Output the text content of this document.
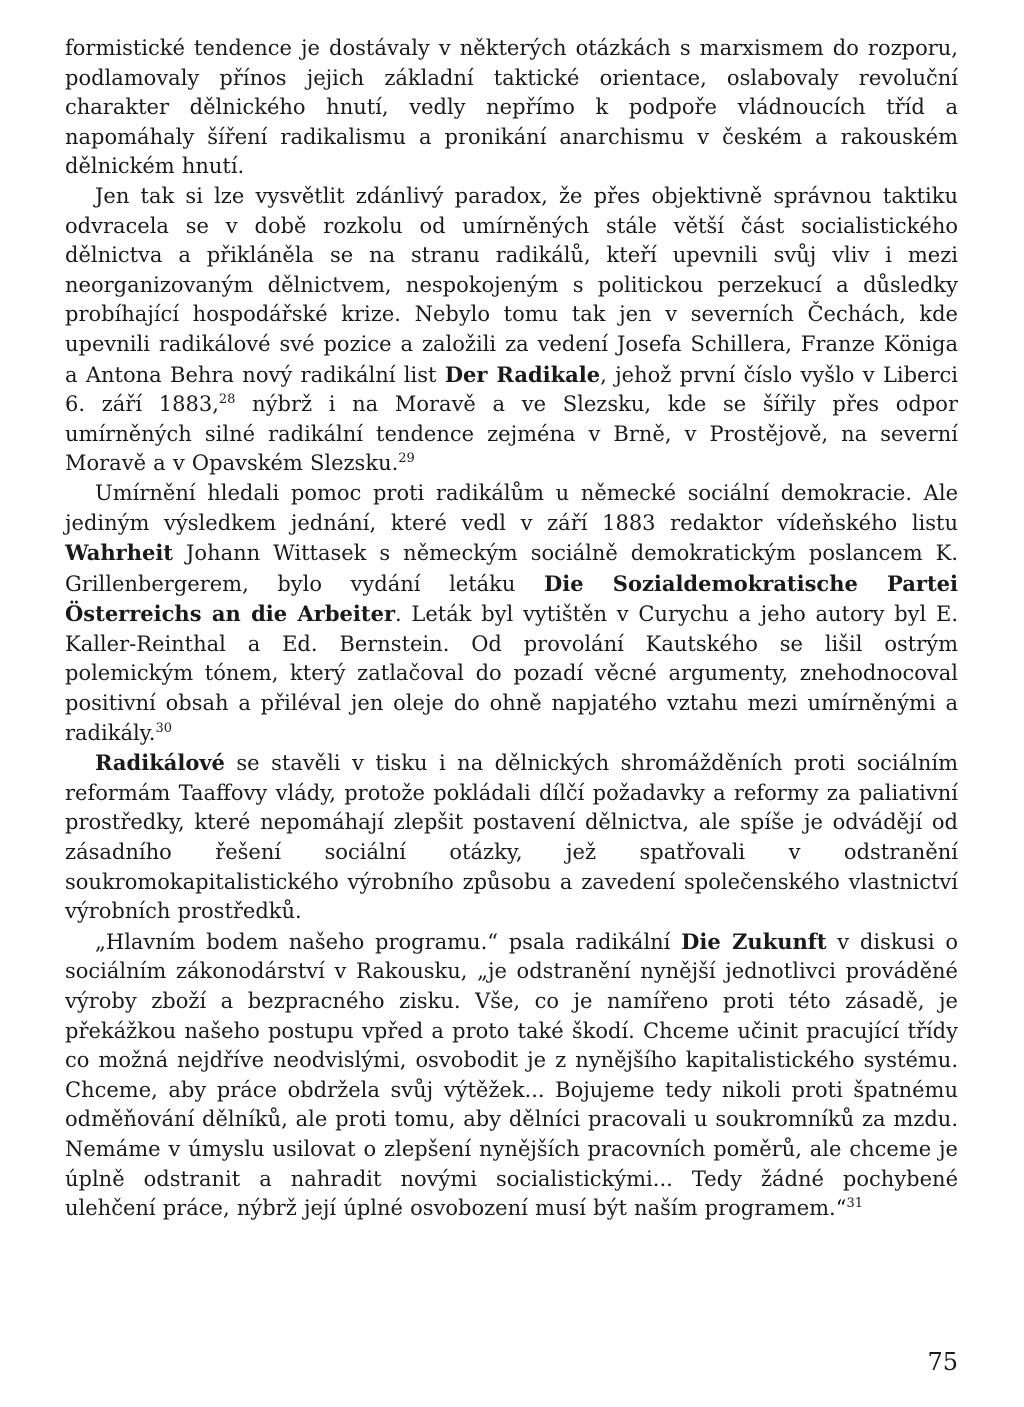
formistické tendence je dostávaly v některých otázkách s marxismem do rozporu, podlamovaly přínos jejich základní taktické orientace, oslabovaly revoluční charakter dělnického hnutí, vedly nepřímo k podpoře vládnoucích tříd a napomáhaly šíření radikalismu a pronikání anarchismu v českém a rakouském dělnickém hnutí.

Jen tak si lze vysvětlit zdánlivý paradox, že přes objektivně správnou taktiku odvracela se v době rozkolu od umírněných stále větší část socialistického dělnictva a přikláněla se na stranu radikálů, kteří upevnili svůj vliv i mezi neorganizovaným dělnictvem, nespokojeným s politickou perzekucí a důsledky probíhající hospodářské krize. Nebylo tomu tak jen v severních Čechách, kde upevnili radikálové své pozice a založili za vedení Josefa Schillera, Franze Königa a Antona Behra nový radikální list Der Radikale, jehož první číslo vyšlo v Liberci 6. září 1883,28 nýbrž i na Moravě a ve Slezsku, kde se šířily přes odpor umírněných silné radikální tendence zejména v Brně, v Prostějově, na severní Moravě a v Opavském Slezsku.$^{29}$

Umírnění hledali pomoc proti radikálům u německé sociální demokracie. Ale jediným výsledkem jednání, které vedl v září 1883 redaktor vídeňského listu Wahrheit Johann Wittasek s německým sociálně demokratickým poslancem K. Grillenbergerem, bylo vydání letáku Die Sozialdemokratische Partei Österreichs an die Arbeiter. Leták byl vytištěn v Curychu a jeho autory byl E. Kaller-Reinthal a Ed. Bernstein. Od provolání Kautského se lišil ostrým polemickým tónem, který zatlačoval do pozadí věcné argumenty, znehodnocoval positivní obsah a přiléval jen oleje do ohně napjatého vztahu mezi umírněnými a radikály.$^{30}$

Radikálové se stavěli v tisku i na dělnických shromážděních proti sociálním reformám Taaffovy vlády, protože pokládali dílčí požadavky a reformy za paliativní prostředky, které nepomáhají zlepšit postavení dělnictva, ale spíše je odvádějí od zásadního řešení sociální otázky, jež spatřovali v odstranění soukromokapitalistického výrobního způsobu a zavedení společenského vlastnictví výrobních prostředků.

„Hlavním bodem našeho programu.“ psala radikální Die Zukunft v diskusi o sociálním zákonodárství v Rakousku, „je odstranění nynější jednotlivci prováděné výroby zboží a bezpracného zisku. Vše, co je namířeno proti této zásadě, je překážkou našeho postupu vpřed a proto také škodí. Chceme učinit pracující třídy co možná nejdříve neodvislými, osvobodit je z nynějšího kapitalistického systému. Chceme, aby práce obdržela svůj výtěžek... Bojujeme tedy nikoli proti špatnému odměňování dělníků, ale proti tomu, aby dělníci pracovali u soukromníků za mzdu. Nemáme v úmyslu usilovat o zlepšení nynějších pracovních poměrů, ale chceme je úplně odstranit a nahradit novými socialistickými... Tedy žádné pochybené ulehčení práce, nýbrž její úplné osvobození musí být naším programem.“$^{31}$

75
